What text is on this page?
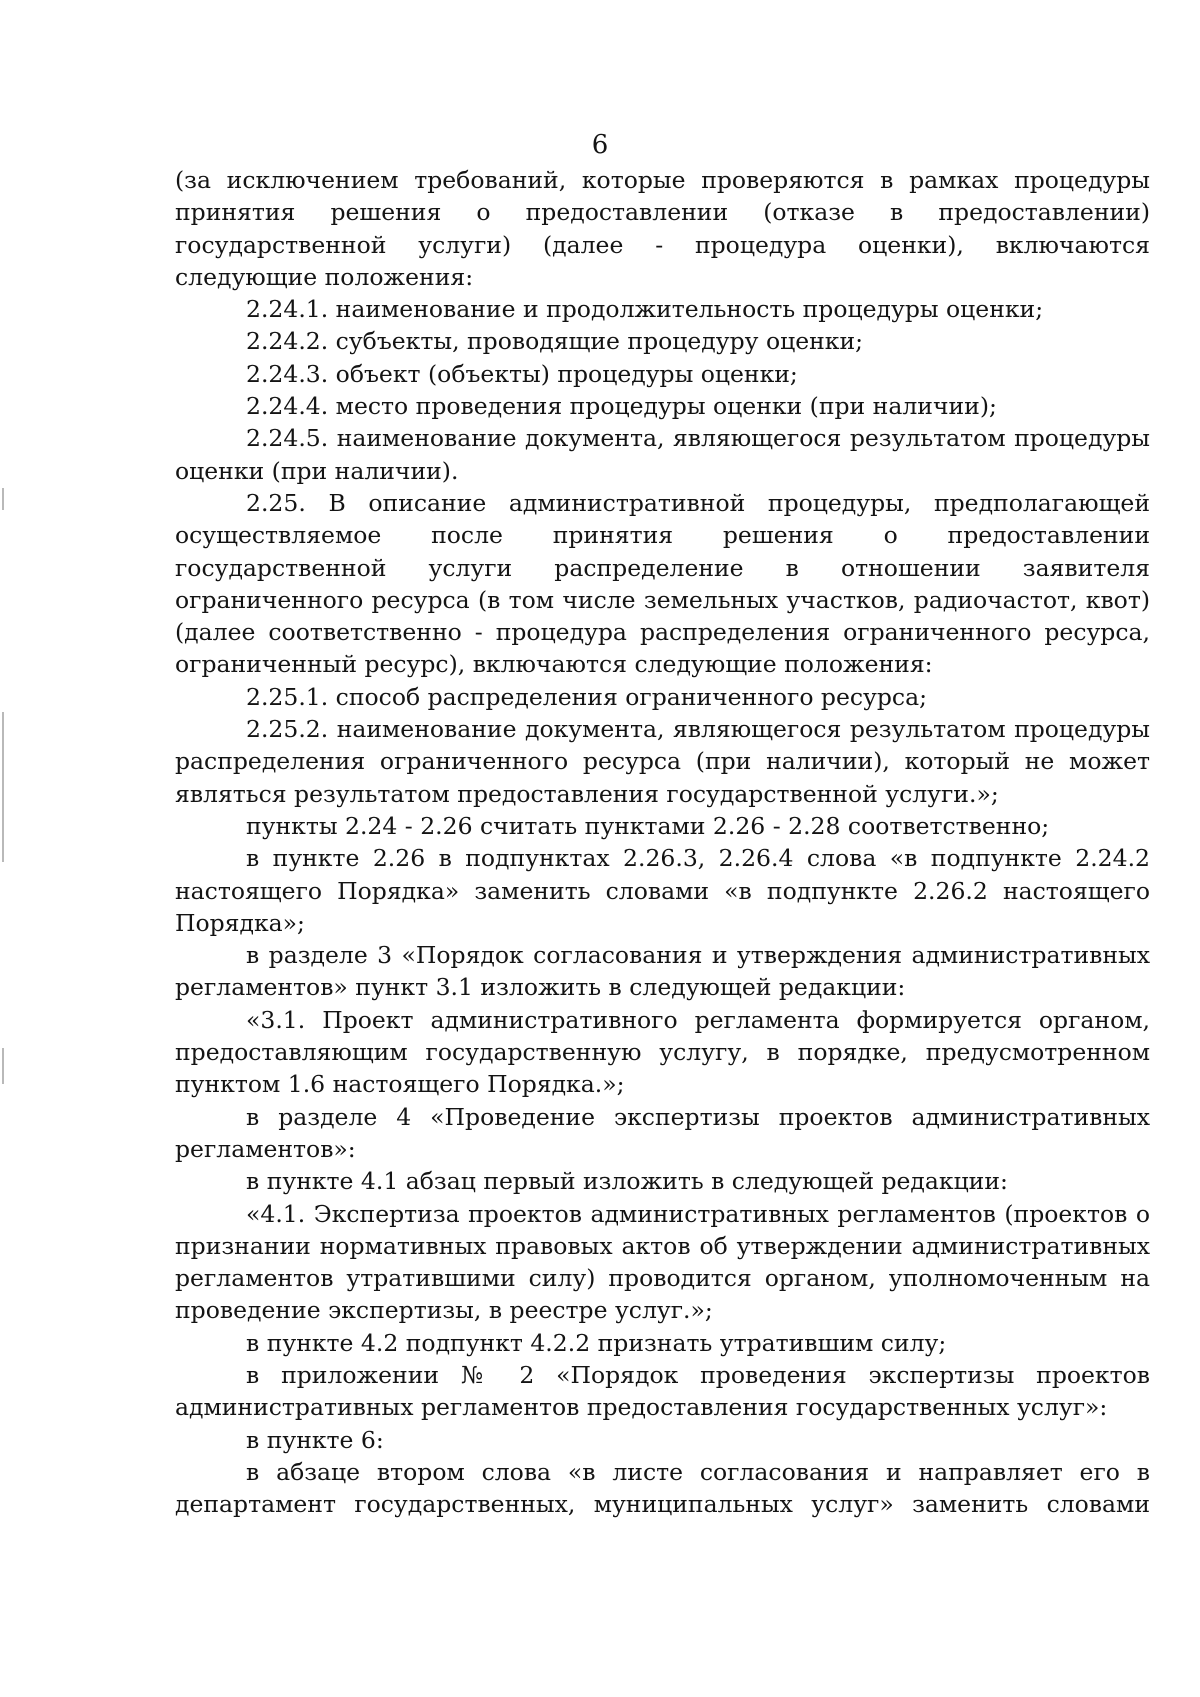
6

(за исключением требований, которые проверяются в рамках процедуры принятия решения о предоставлении (отказе в предоставлении) государственной услуги) (далее - процедура оценки), включаются следующие положения:

2.24.1. наименование и продолжительность процедуры оценки;

2.24.2. субъекты, проводящие процедуру оценки;

2.24.3. объект (объекты) процедуры оценки;

2.24.4. место проведения процедуры оценки (при наличии);

2.24.5. наименование документа, являющегося результатом процедуры оценки (при наличии).

2.25. В описание административной процедуры, предполагающей осуществляемое после принятия решения о предоставлении государственной услуги распределение в отношении заявителя ограниченного ресурса (в том числе земельных участков, радиочастот, квот) (далее соответственно - процедура распределения ограниченного ресурса, ограниченный ресурс), включаются следующие положения:

2.25.1. способ распределения ограниченного ресурса;

2.25.2. наименование документа, являющегося результатом процедуры распределения ограниченного ресурса (при наличии), который не может являться результатом предоставления государственной услуги.»;

пункты 2.24 - 2.26 считать пунктами 2.26 - 2.28 соответственно;

в пункте 2.26 в подпунктах 2.26.3, 2.26.4 слова «в подпункте 2.24.2 настоящего Порядка» заменить словами «в подпункте 2.26.2 настоящего Порядка»;

в разделе 3 «Порядок согласования и утверждения административных регламентов» пункт 3.1 изложить в следующей редакции:

«3.1. Проект административного регламента формируется органом, предоставляющим государственную услугу, в порядке, предусмотренном пунктом 1.6 настоящего Порядка.»;

в разделе 4 «Проведение экспертизы проектов административных регламентов»:

в пункте 4.1 абзац первый изложить в следующей редакции:

«4.1. Экспертиза проектов административных регламентов (проектов о признании нормативных правовых актов об утверждении административных регламентов утратившими силу) проводится органом, уполномоченным на проведение экспертизы, в реестре услуг.»;

в пункте 4.2 подпункт 4.2.2 признать утратившим силу;

в приложении № 2 «Порядок проведения экспертизы проектов административных регламентов предоставления государственных услуг»:

в пункте 6:

в абзаце втором слова «в листе согласования и направляет его в департамент государственных, муниципальных услуг» заменить словами
